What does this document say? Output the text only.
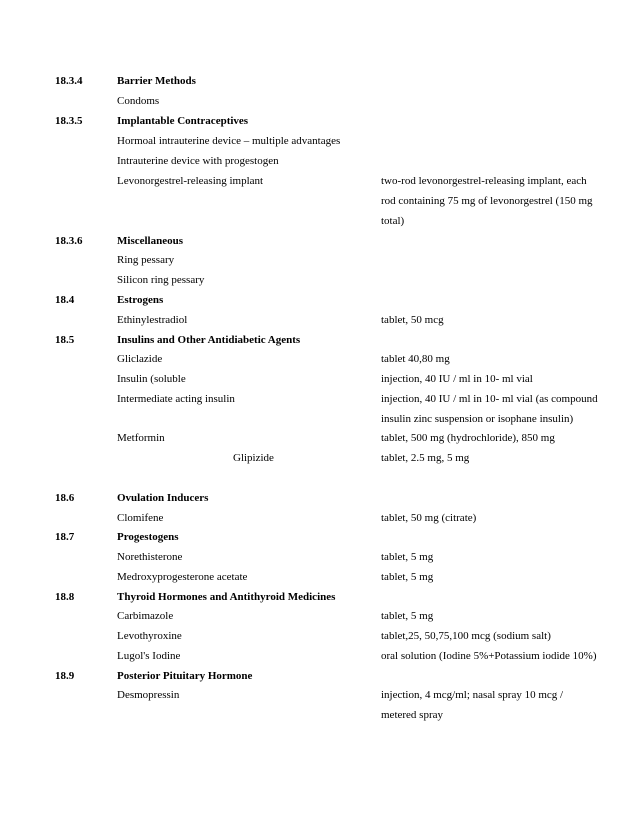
18.3.4	Barrier Methods
Condoms
18.3.5	Implantable Contraceptives
Hormoal intrauterine device – multiple advantages
Intrauterine device with progestogen
Levonorgestrel-releasing implant	two-rod levonorgestrel-releasing implant, each
rod containing 75 mg of levonorgestrel (150 mg
total)
18.3.6	Miscellaneous
Ring pessary
Silicon ring pessary
18.4	Estrogens
Ethinylestradiol	tablet, 50 mcg
18.5	Insulins and Other Antidiabetic Agents
Gliclazide	tablet 40,80 mg
Insulin (soluble	injection, 40 IU / ml in 10- ml vial
Intermediate acting insulin	injection, 40 IU / ml in 10- ml vial (as compound
insulin zinc suspension or isophane insulin)
Metformin	tablet, 500 mg (hydrochloride), 850 mg
Glipizide	tablet, 2.5 mg, 5 mg
18.6	Ovulation Inducers
Clomifene	tablet, 50 mg (citrate)
18.7	Progestogens
Norethisterone	tablet, 5 mg
Medroxyprogesterone acetate	tablet, 5 mg
18.8	Thyroid Hormones and Antithyroid Medicines
Carbimazole	tablet, 5 mg
Levothyroxine	tablet,25, 50,75,100 mcg (sodium salt)
Lugol's Iodine	oral solution (Iodine 5%+Potassium iodide 10%)
18.9	Posterior Pituitary Hormone
Desmopressin	injection, 4 mcg/ml; nasal spray 10 mcg /
metered spray
